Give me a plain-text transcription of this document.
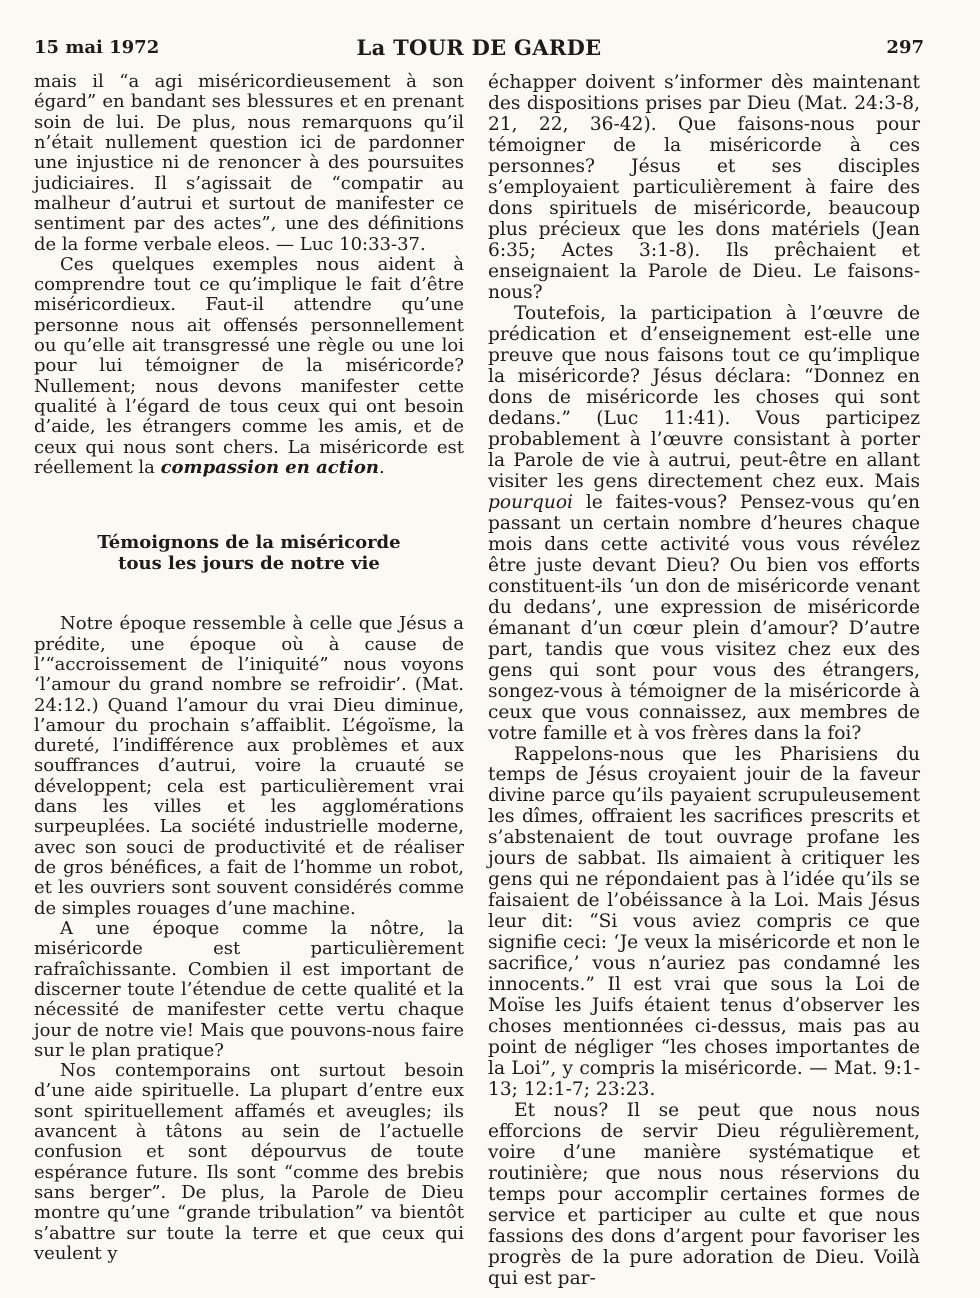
15 mai 1972	La TOUR DE GARDE	297

mais il “a agi miséricordieusement à son égard” en bandant ses blessures et en prenant soin de lui. De plus, nous remarquons qu’il n’était nullement question ici de pardonner une injustice ni de renoncer à des poursuites judiciaires. Il s’agissait de “compatir au malheur d’autrui et surtout de manifester ce sentiment par des actes”, une des définitions de la forme verbale eleos. — Luc 10:33-37.

Ces quelques exemples nous aident à comprendre tout ce qu’implique le fait d’être miséricordieux. Faut-il attendre qu’une personne nous ait offensés personnellement ou qu’elle ait transgressé une règle ou une loi pour lui témoigner de la miséricorde? Nullement; nous devons manifester cette qualité à l’égard de tous ceux qui ont besoin d’aide, les étrangers comme les amis, et de ceux qui nous sont chers. La miséricorde est réellement la compassion en action.

Témoignons de la miséricorde
tous les jours de notre vie

Notre époque ressemble à celle que Jésus a prédite, une époque où à cause de l’“accroissement de l’iniquité” nous voyons ‘l’amour du grand nombre se refroidir’. (Mat. 24:12.) Quand l’amour du vrai Dieu diminue, l’amour du prochain s’affaiblit. L’égoïsme, la dureté, l’indifférence aux problèmes et aux souffrances d’autrui, voire la cruauté se développent; cela est particulièrement vrai dans les villes et les agglomérations surpeuplées. La société industrielle moderne, avec son souci de productivité et de réaliser de gros bénéfices, a fait de l’homme un robot, et les ouvriers sont souvent considérés comme de simples rouages d’une machine.

A une époque comme la nôtre, la miséricorde est particulièrement rafraîchissante. Combien il est important de discerner toute l’étendue de cette qualité et la nécessité de manifester cette vertu chaque jour de notre vie! Mais que pouvons-nous faire sur le plan pratique?

Nos contemporains ont surtout besoin d’une aide spirituelle. La plupart d’entre eux sont spirituellement affamés et aveugles; ils avancent à tâtons au sein de l’actuelle confusion et sont dépourvus de toute espérance future. Ils sont “comme des brebis sans berger”. De plus, la Parole de Dieu montre qu’une “grande tribulation” va bientôt s’abattre sur toute la terre et que ceux qui veulent y

échapper doivent s’informer dès maintenant des dispositions prises par Dieu (Mat. 24:3-8, 21, 22, 36-42). Que faisons-nous pour témoigner de la miséricorde à ces personnes? Jésus et ses disciples s’employaient particulièrement à faire des dons spirituels de miséricorde, beaucoup plus précieux que les dons matériels (Jean 6:35; Actes 3:1-8). Ils prêchaient et enseignaient la Parole de Dieu. Le faisons-nous?

Toutefois, la participation à l’œuvre de prédication et d’enseignement est-elle une preuve que nous faisons tout ce qu’implique la miséricorde? Jésus déclara: “Donnez en dons de miséricorde les choses qui sont dedans.” (Luc 11:41). Vous participez probablement à l’œuvre consistant à porter la Parole de vie à autrui, peut-être en allant visiter les gens directement chez eux. Mais pourquoi le faites-vous? Pensez-vous qu’en passant un certain nombre d’heures chaque mois dans cette activité vous vous révélez être juste devant Dieu? Ou bien vos efforts constituent-ils ‘un don de miséricorde venant du dedans’, une expression de miséricorde émanant d’un cœur plein d’amour? D’autre part, tandis que vous visitez chez eux des gens qui sont pour vous des étrangers, songez-vous à témoigner de la miséricorde à ceux que vous connaissez, aux membres de votre famille et à vos frères dans la foi?

Rappelons-nous que les Pharisiens du temps de Jésus croyaient jouir de la faveur divine parce qu’ils payaient scrupuleusement les dîmes, offraient les sacrifices prescrits et s’abstenaient de tout ouvrage profane les jours de sabbat. Ils aimaient à critiquer les gens qui ne répondaient pas à l’idée qu’ils se faisaient de l’obéissance à la Loi. Mais Jésus leur dit: “Si vous aviez compris ce que signifie ceci: ‘Je veux la miséricorde et non le sacrifice,’ vous n’auriez pas condamné les innocents.” Il est vrai que sous la Loi de Moïse les Juifs étaient tenus d’observer les choses mentionnées ci-dessus, mais pas au point de négliger “les choses importantes de la Loi”, y compris la miséricorde. — Mat. 9:1-13; 12:1-7; 23:23.

Et nous? Il se peut que nous nous efforcions de servir Dieu régulièrement, voire d’une manière systématique et routinière; que nous nous réservions du temps pour accomplir certaines formes de service et participer au culte et que nous fassions des dons d’argent pour favoriser les progrès de la pure adoration de Dieu. Voilà qui est par-
